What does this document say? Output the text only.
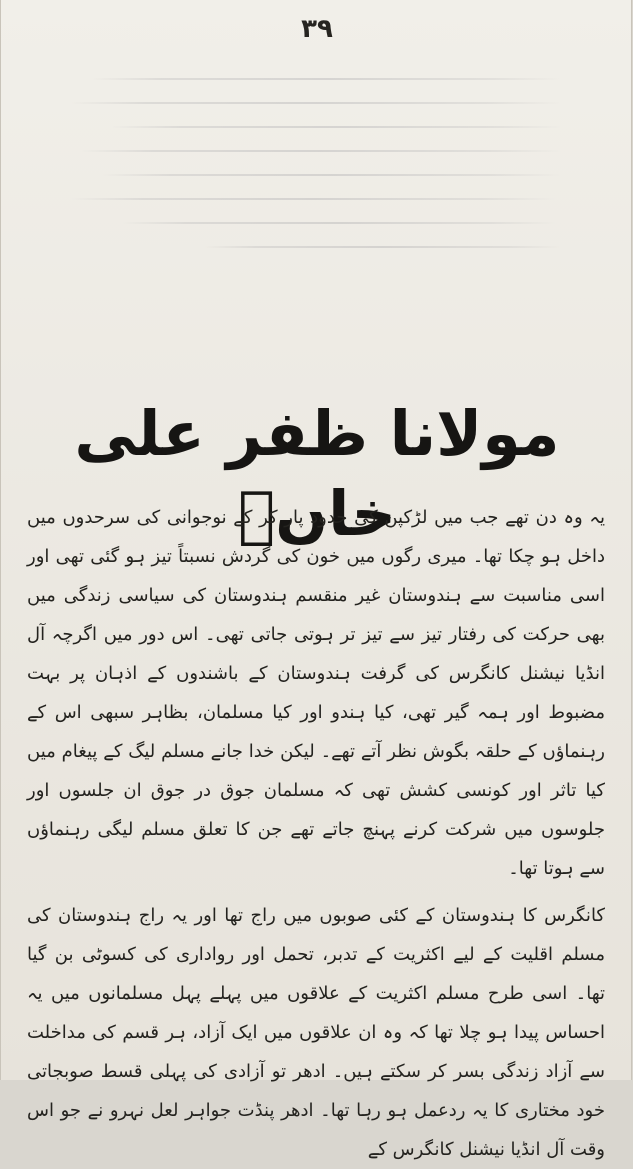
۳۹
مولانا ظفر علی خاںؒ

یہ وہ دن تھے جب میں لڑکپن کی حدود پار کر کے نوجوانی کی سرحدوں میں داخل ہو چکا تھا۔ میری رگوں میں خون کی گردش نسبتاً تیز ہو گئی تھی اور اسی مناسبت سے ہندوستان غیر منقسم ہندوستان کی سیاسی زندگی میں بھی حرکت کی رفتار تیز سے تیز تر ہوتی جاتی تھی۔ اس دور میں اگرچہ آل انڈیا نیشنل کانگرس کی گرفت ہندوستان کے باشندوں کے اذہان پر بہت مضبوط اور ہمہ گیر تھی، کیا ہندو اور کیا مسلمان، بظاہر سبھی اس کے رہنماؤں کے حلقہ بگوش نظر آتے تھے۔ لیکن خدا جانے مسلم لیگ کے پیغام میں کیا تاثر اور کونسی کشش تھی کہ مسلمان جوق در جوق ان جلسوں اور جلوسوں میں شرکت کرنے پہنچ جاتے تھے جن کا تعلق مسلم لیگی رہنماؤں سے ہوتا تھا۔

کانگرس کا ہندوستان کے کئی صوبوں میں راج تھا اور یہ راج ہندوستان کی مسلم اقلیت کے لیے اکثریت کے تدبر، تحمل اور رواداری کی کسوٹی بن گیا تھا۔ اسی طرح مسلم اکثریت کے علاقوں میں پہلے پہل مسلمانوں میں یہ احساس پیدا ہو چلا تھا کہ وہ ان علاقوں میں ایک آزاد، ہر قسم کی مداخلت سے آزاد زندگی بسر کر سکتے ہیں۔ ادھر تو آزادی کی پہلی قسط صوبجاتی خود مختاری کا یہ ردعمل ہو رہا تھا۔ ادھر پنڈت جواہر لعل نہرو نے جو اس وقت آل انڈیا نیشنل کانگرس کے
